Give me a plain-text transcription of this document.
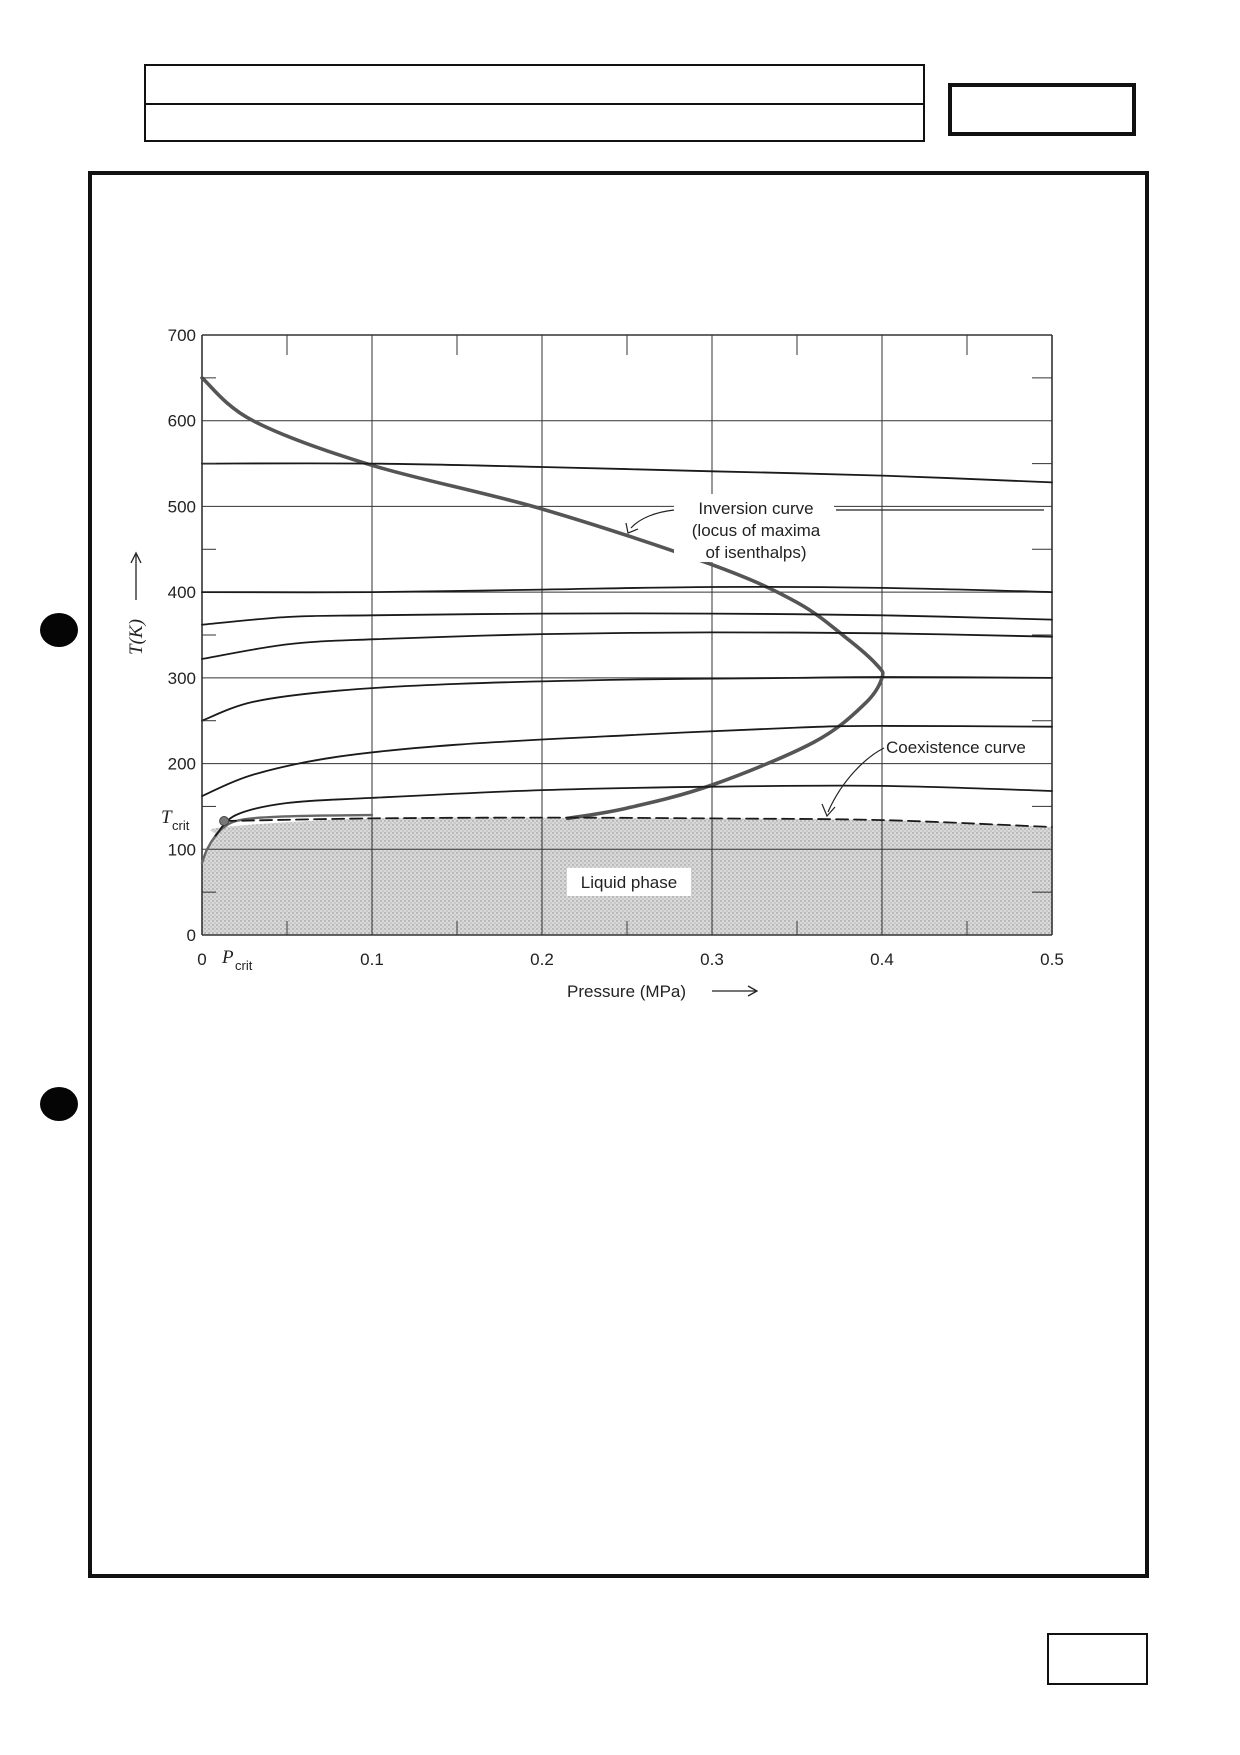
0	0.1	0.2	0.3	0.4	0.5
0
100
200
300
400
500
600
700
Pressure (MPa)
T(K)
T crit
P crit
Inversion curve
(locus of maxima
of isenthalps)
Coexistence curve
Liquid phase
